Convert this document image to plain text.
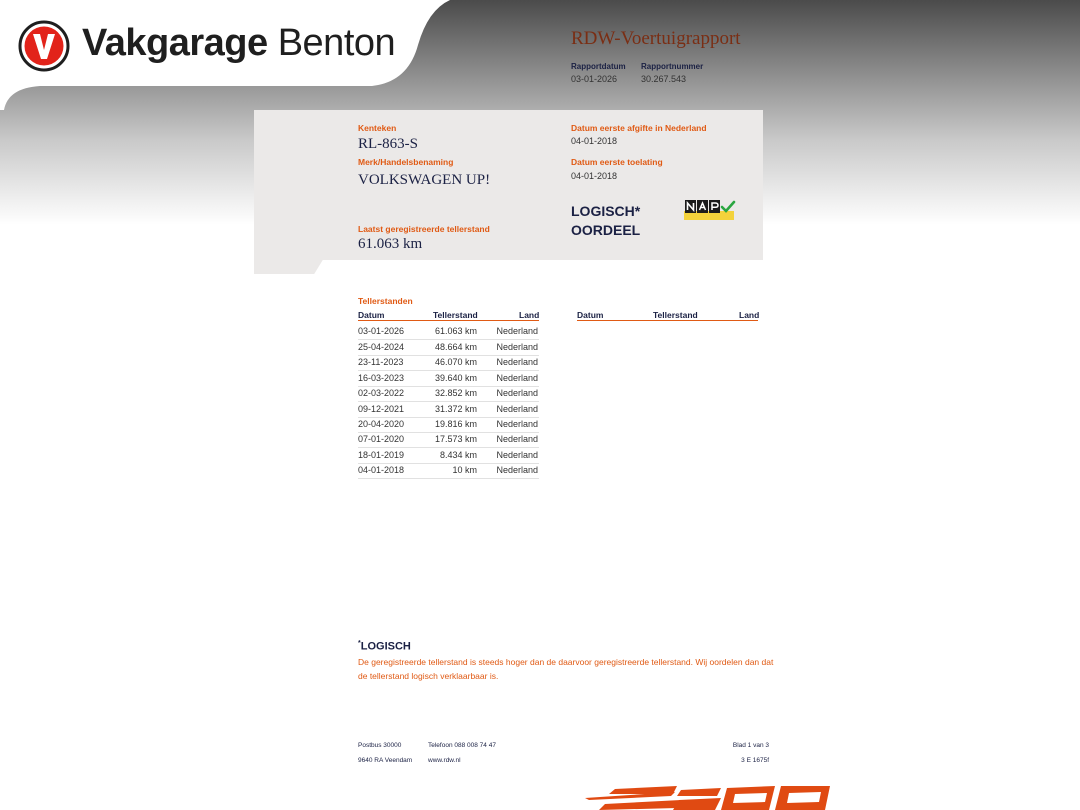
Vakgarage Benton	RDW-Voertuigrapport
Rapportdatum Rapportnummer
03-01-2026	30.267.543
Kenteken
RL-863-S
Merk/Handelsbenaming
VOLKSWAGEN UP!
Laatst geregistreerde tellerstand
61.063 km
Datum eerste afgifte in Nederland
04-01-2018
Datum eerste toelating
04-01-2018
LOGISCH*
OORDEEL
Tellerstanden
Datum	Tellerstand	Land	Datum	Tellerstand	Land
03-01-2026	61.063 km Nederland
25-04-2024	48.664 km Nederland
23-11-2023	46.070 km Nederland
16-03-2023	39.640 km Nederland
02-03-2022	32.852 km Nederland
09-12-2021	31.372 km Nederland
20-04-2020	19.816 km Nederland
07-01-2020	17.573 km Nederland
18-01-2019	8.434 km Nederland
04-01-2018	10 km Nederland
*LOGISCH
De geregistreerde tellerstand is steeds hoger dan de daarvoor geregistreerde tellerstand. Wij oordelen dan dat de tellerstand logisch verklaarbaar is.
Postbus 30000
9640 RA Veendam
Telefoon 088 008 74 47
www.rdw.nl
Blad 1 van 3
3 E 1675f
